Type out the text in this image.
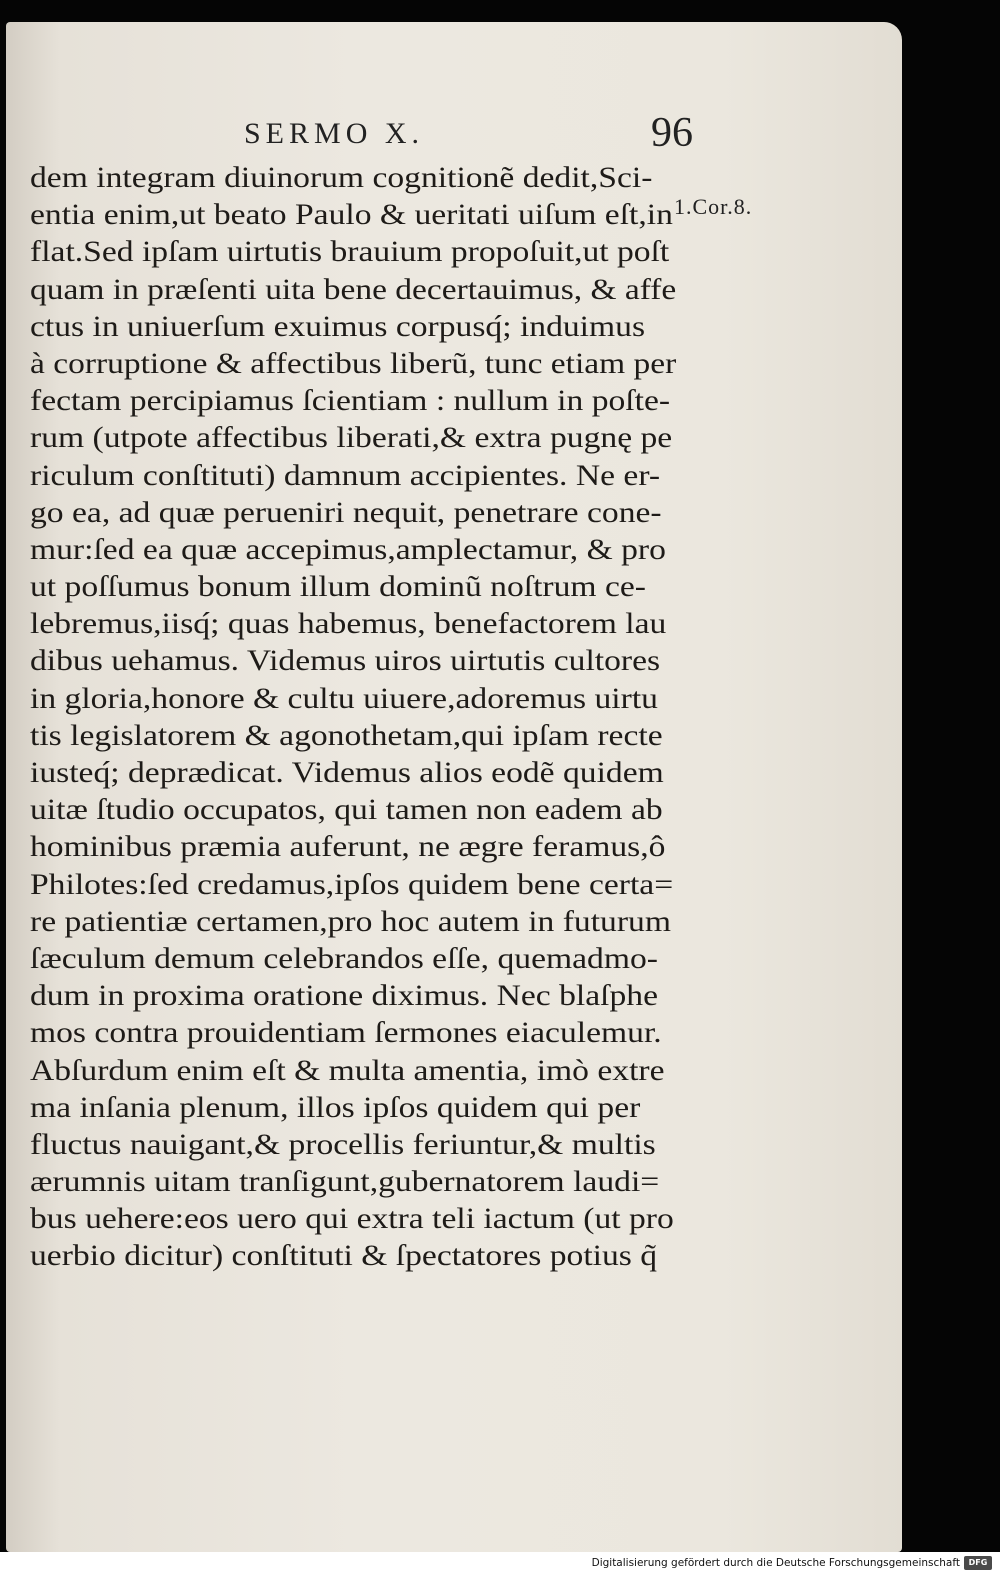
SERMO X.	96
1.Cor.8.
dem integram diuinorum cognitionẽ dedit,Sci-
entia enim,ut beato Paulo & ueritati uiſum eſt,in
flat.Sed ipſam uirtutis brauium propoſuit,ut poſt
quam in præſenti uita bene decertauimus, & affe
ctus in uniuerſum exuimus corpusq́; induimus
à corruptione & affectibus liberũ, tunc etiam per
fectam percipiamus ſcientiam : nullum in poſte-
rum (utpote affectibus liberati,& extra pugnę pe
riculum conſtituti) damnum accipientes. Ne er-
go ea, ad quæ perueniri nequit, penetrare cone-
mur:ſed ea quæ accepimus,amplectamur, & pro
ut poſſumus bonum illum dominũ noſtrum ce-
lebremus,iisq́; quas habemus, benefactorem lau
dibus uehamus. Videmus uiros uirtutis cultores
in gloria,honore & cultu uiuere,adoremus uirtu
tis legislatorem & agonothetam,qui ipſam recte
iusteq́; deprædicat. Videmus alios eodẽ quidem
uitæ ſtudio occupatos, qui tamen non eadem ab
hominibus præmia auferunt, ne ægre feramus,ô
Philotes:ſed credamus,ipſos quidem bene certa=
re patientiæ certamen,pro hoc autem in futurum
ſæculum demum celebrandos eſſe, quemadmo-
dum in proxima oratione diximus. Nec blaſphe
mos contra prouidentiam ſermones eiaculemur.
Abſurdum enim eſt & multa amentia, imò extre
ma inſania plenum, illos ipſos quidem qui per
fluctus nauigant,& procellis feriuntur,& multis
ærumnis uitam tranſigunt,gubernatorem laudi=
bus uehere:eos uero qui extra teli iactum (ut pro
uerbio dicitur) conſtituti & ſpectatores potius q̃
Digitalisierung gefördert durch die Deutsche Forschungsgemeinschaft	DFG
